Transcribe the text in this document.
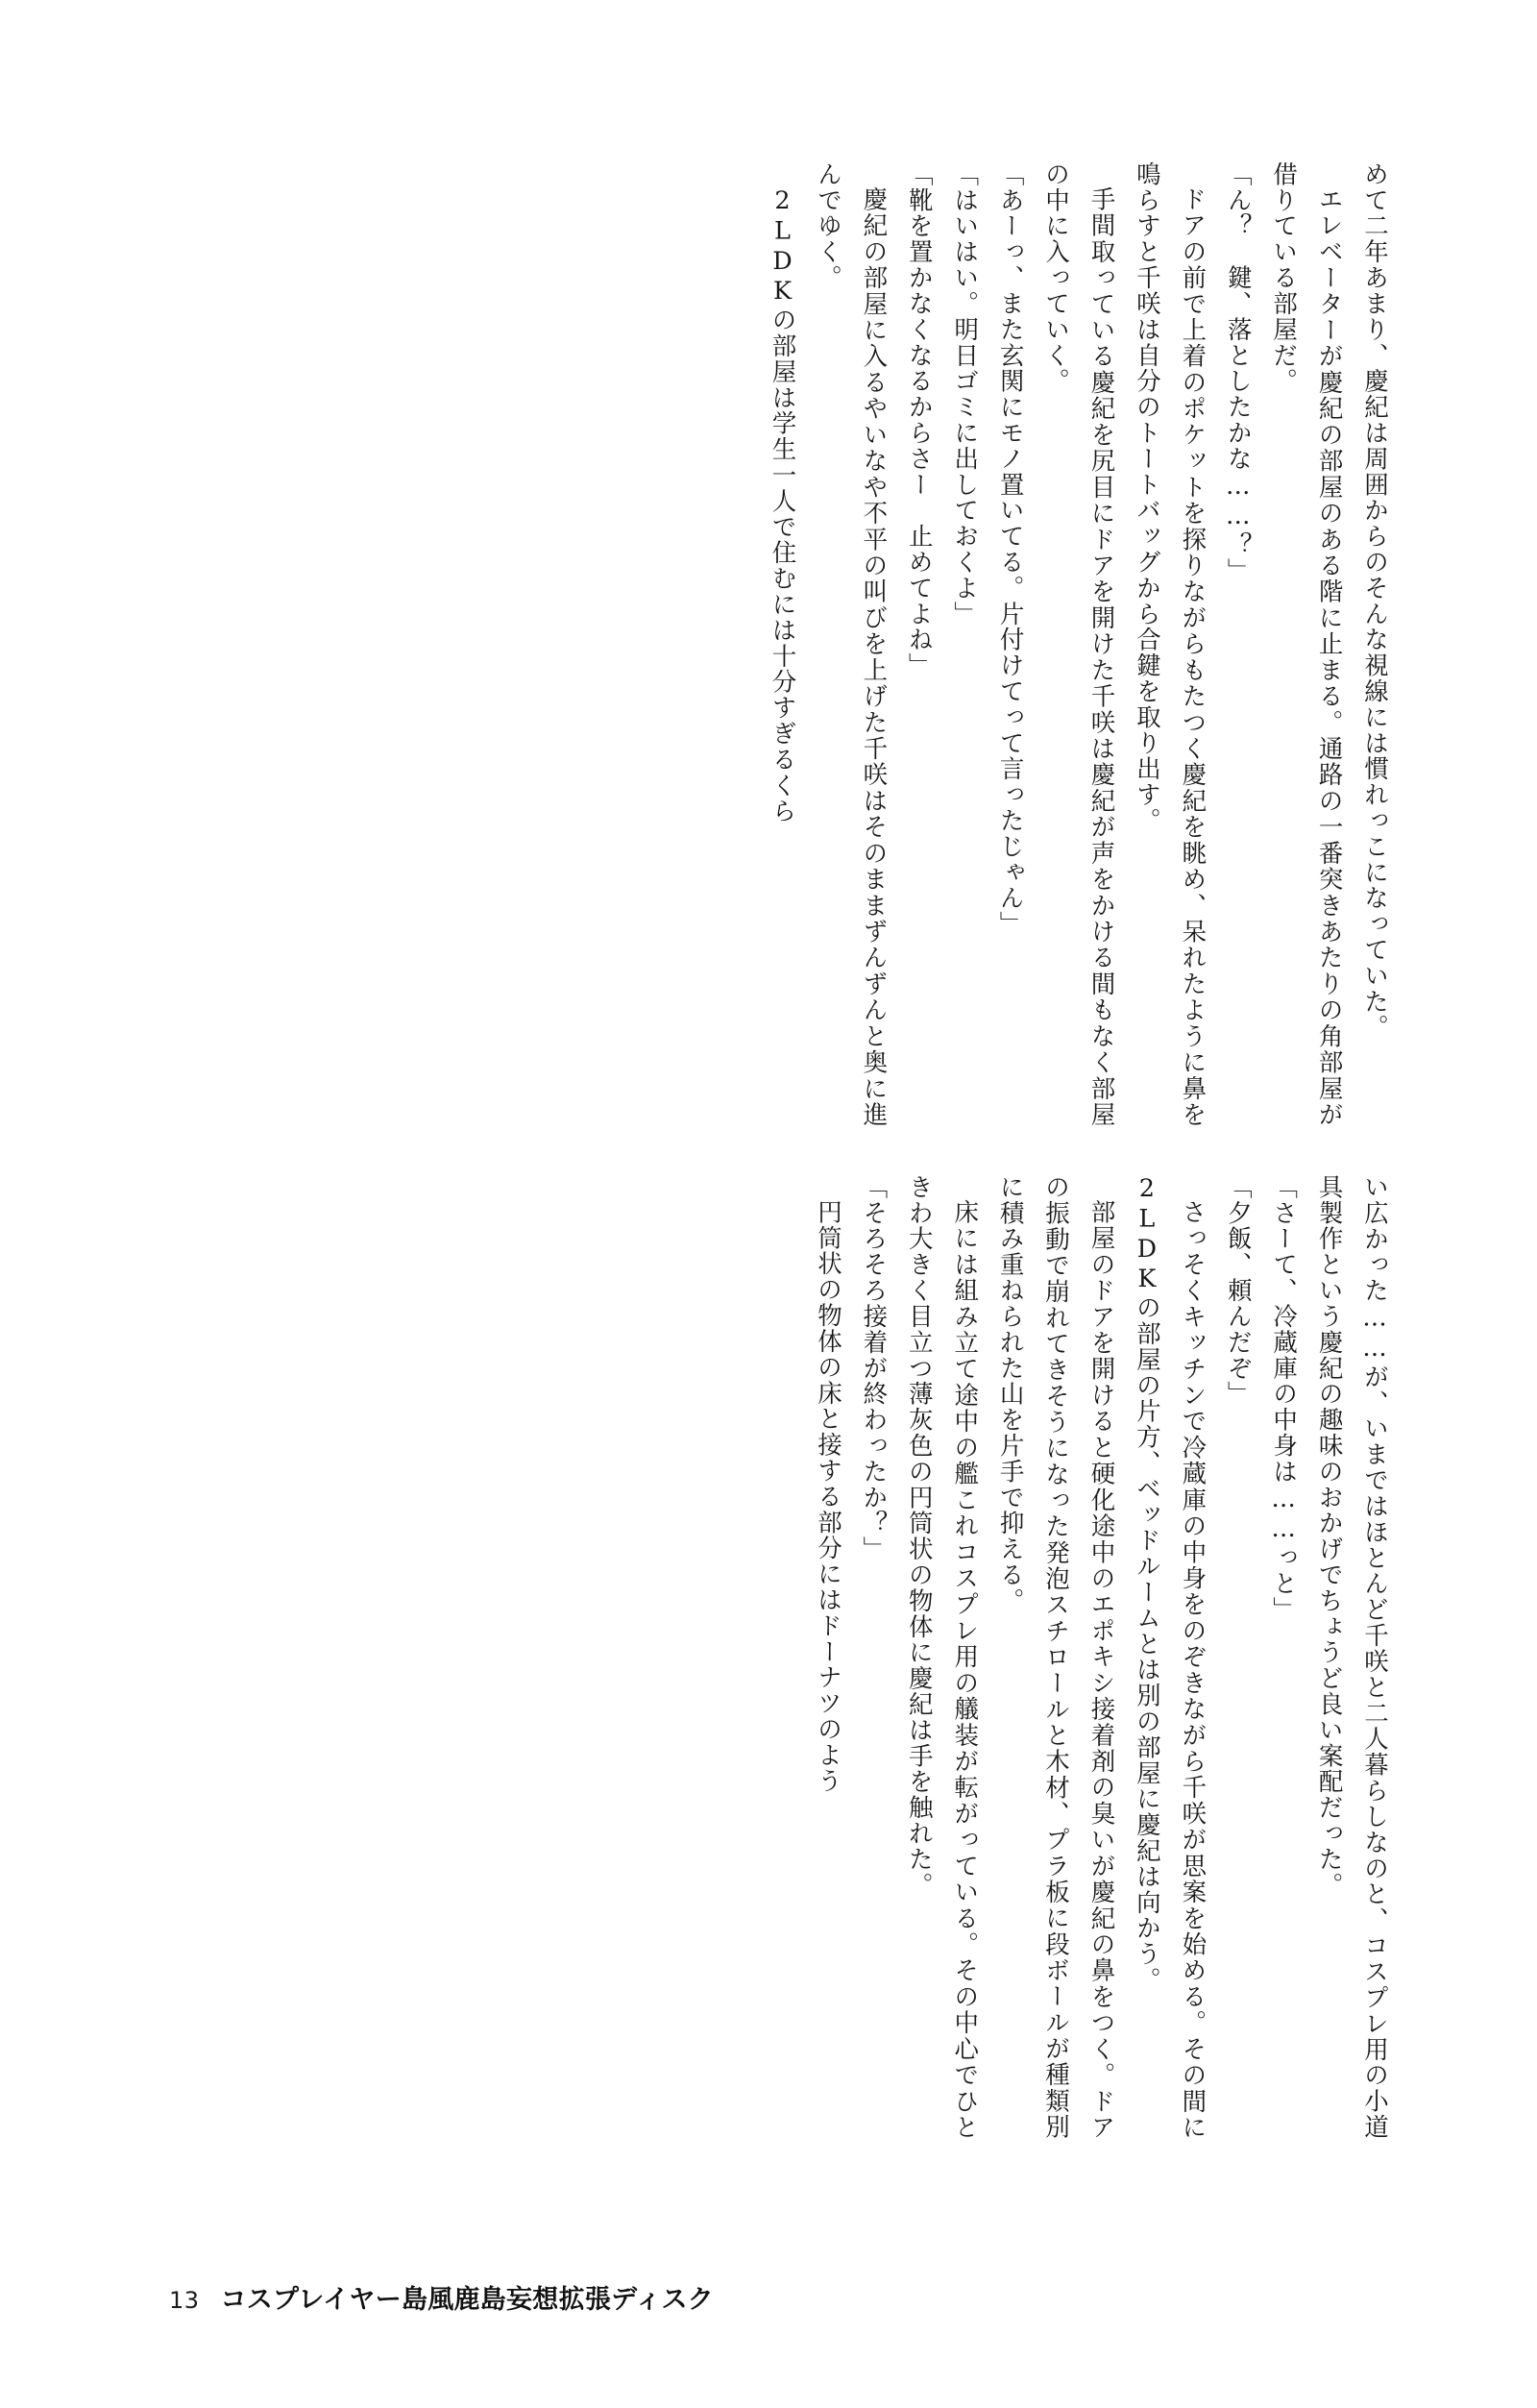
めて二年あまり、慶紀は周囲からのそんな視線には慣れっこになっていた。

エレベーターが慶紀の部屋のある階に止まる。通路の一番突きあたりの角部屋が借りている部屋だ。

「ん？　鍵、落としたかな……？」

ドアの前で上着のポケットを探りながらもたつく慶紀を眺め、呆れたように鼻を鳴らすと千咲は自分のトートバッグから合鍵を取り出す。

手間取っている慶紀を尻目にドアを開けた千咲は慶紀が声をかける間もなく部屋の中に入っていく。

「あーっ、また玄関にモノ置いてる。片付けてって言ったじゃん」

「はいはい。明日ゴミに出しておくよ」

「靴を置かなくなるからさー　止めてよね」

慶紀の部屋に入るやいなや不平の叫びを上げた千咲はそのままずんずんと奥に進んでゆく。

2LDKの部屋は学生一人で住むには十分すぎるくら

い広かった……が、いまではほとんど千咲と二人暮らしなのと、コスプレ用の小道具製作という慶紀の趣味のおかげでちょうど良い案配だった。

「さーて、冷蔵庫の中身は……っと」

「夕飯、頼んだぞ」

さっそくキッチンで冷蔵庫の中身をのぞきながら千咲が思案を始める。その間に2LDKの部屋の片方、ベッドルームとは別の部屋に慶紀は向かう。

部屋のドアを開けると硬化途中のエポキシ接着剤の臭いが慶紀の鼻をつく。ドアの振動で崩れてきそうになった発泡スチロールと木材、プラ板に段ボールが種類別に積み重ねられた山を片手で抑える。

床には組み立て途中の艦これコスプレ用の艤装が転がっている。その中心でひときわ大きく目立つ薄灰色の円筒状の物体に慶紀は手を触れた。

「そろそろ接着が終わったか？」

円筒状の物体の床と接する部分にはドーナツのよう

13 コスプレイヤー島風鹿島妄想拡張ディスク
